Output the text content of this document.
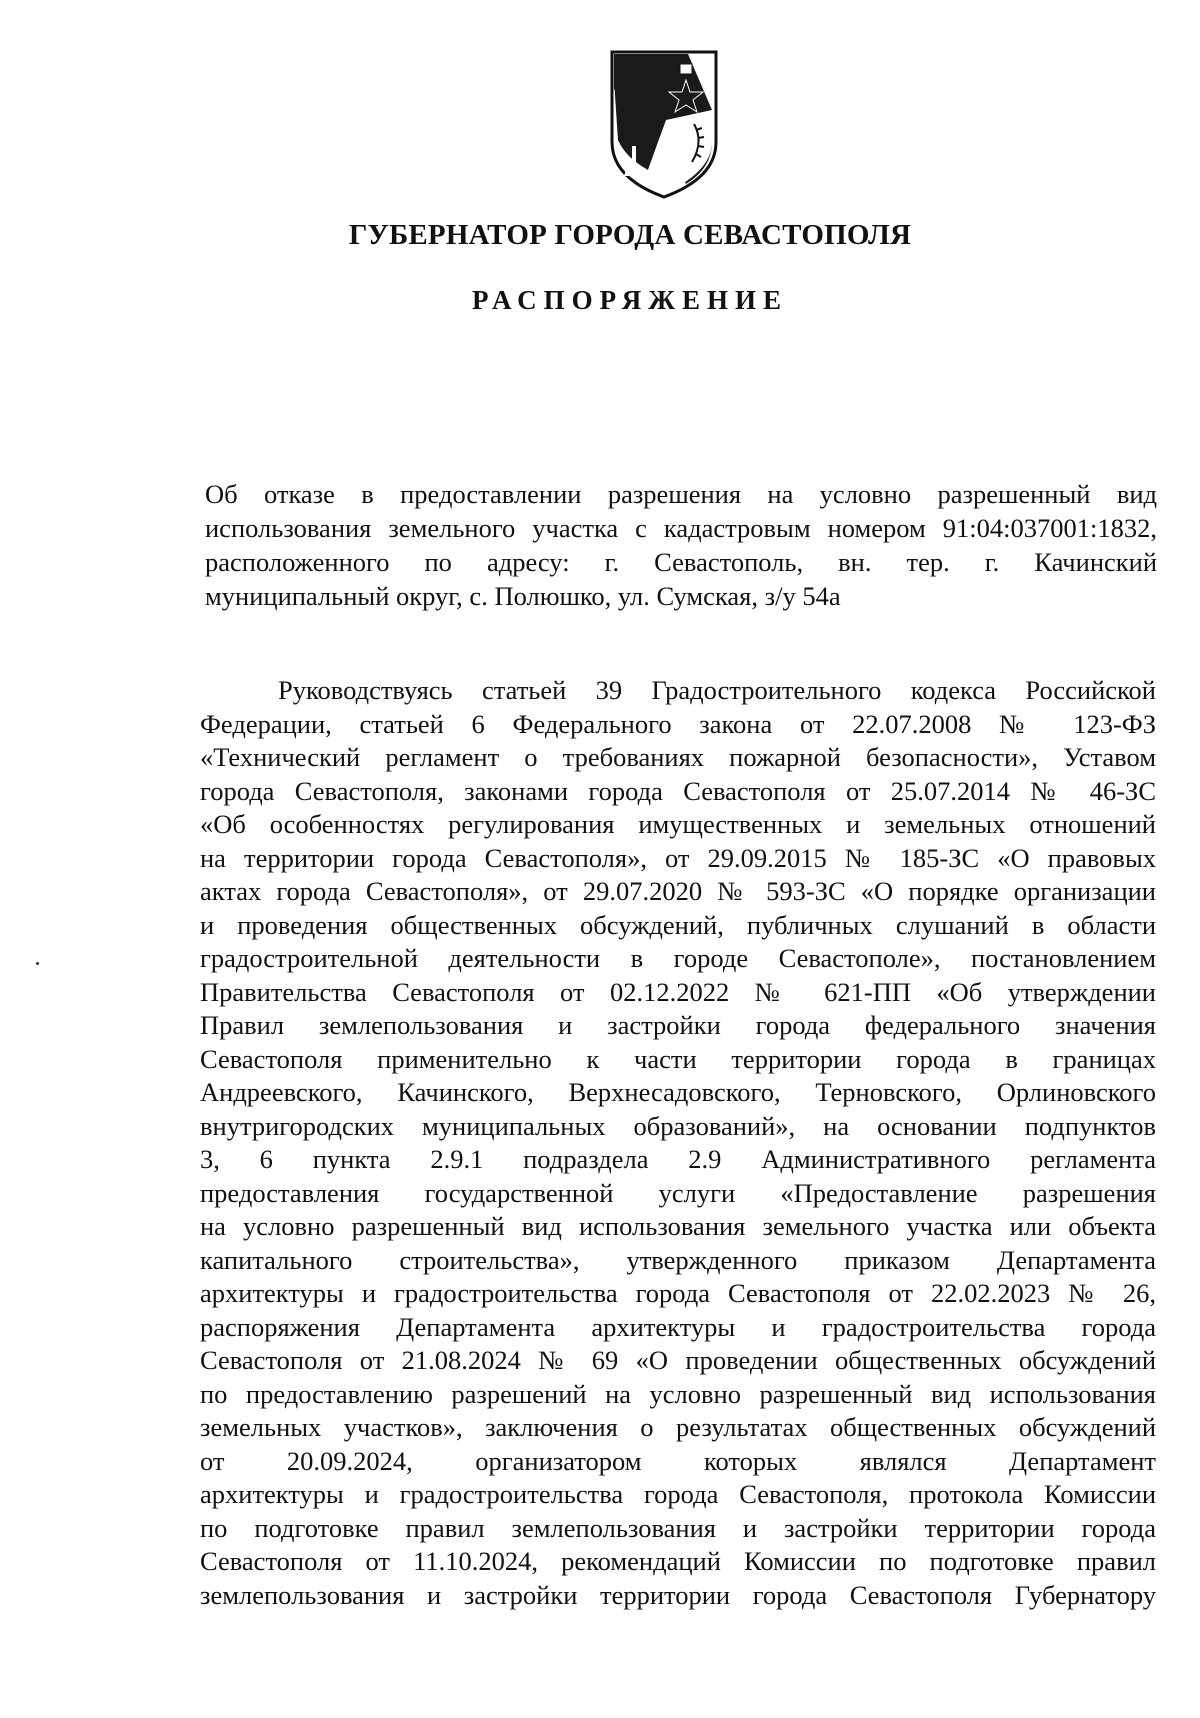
ГУБЕРНАТОР ГОРОДА СЕВАСТОПОЛЯ
РАСПОРЯЖЕНИЕ
Об отказе в предоставлении разрешения на условно разрешенный вид
использования земельного участка с кадастровым номером 91:04:037001:1832,
расположенного по адресу: г. Севастополь, вн. тер. г. Качинский
муниципальный округ, с. Полюшко, ул. Сумская, з/у 54а
Руководствуясь статьей 39 Градостроительного кодекса Российской
Федерации, статьей 6 Федерального закона от 22.07.2008 № 123-ФЗ
«Технический регламент о требованиях пожарной безопасности», Уставом
города Севастополя, законами города Севастополя от 25.07.2014 № 46-ЗС
«Об особенностях регулирования имущественных и земельных отношений
на территории города Севастополя», от 29.09.2015 № 185-ЗС «О правовых
актах города Севастополя», от 29.07.2020 № 593-ЗС «О порядке организации
и проведения общественных обсуждений, публичных слушаний в области
градостроительной деятельности в городе Севастополе», постановлением
Правительства Севастополя от 02.12.2022 № 621-ПП «Об утверждении
Правил землепользования и застройки города федерального значения
Севастополя применительно к части территории города в границах
Андреевского, Качинского, Верхнесадовского, Терновского, Орлиновского
внутригородских муниципальных образований», на основании подпунктов
3, 6 пункта 2.9.1 подраздела 2.9 Административного регламента
предоставления государственной услуги «Предоставление разрешения
на условно разрешенный вид использования земельного участка или объекта
капитального строительства», утвержденного приказом Департамента
архитектуры и градостроительства города Севастополя от 22.02.2023 № 26,
распоряжения Департамента архитектуры и градостроительства города
Севастополя от 21.08.2024 № 69 «О проведении общественных обсуждений
по предоставлению разрешений на условно разрешенный вид использования
земельных участков», заключения о результатах общественных обсуждений
от 20.09.2024, организатором которых являлся Департамент
архитектуры и градостроительства города Севастополя, протокола Комиссии
по подготовке правил землепользования и застройки территории города
Севастополя от 11.10.2024, рекомендаций Комиссии по подготовке правил
землепользования и застройки территории города Севастополя Губернатору
